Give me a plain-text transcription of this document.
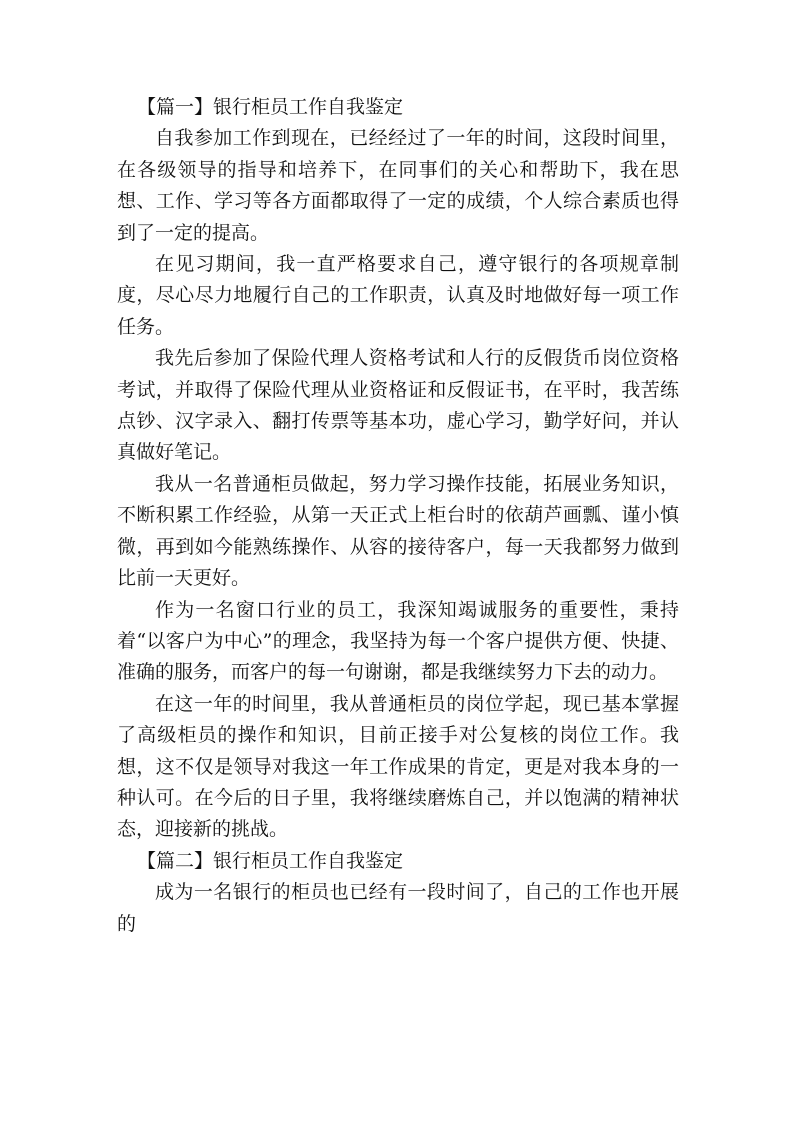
【篇一】银行柜员工作自我鉴定

自我参加工作到现在，已经经过了一年的时间，这段时间里，在各级领导的指导和培养下，在同事们的关心和帮助下，我在思想、工作、学习等各方面都取得了一定的成绩，个人综合素质也得到了一定的提高。

在见习期间，我一直严格要求自己，遵守银行的各项规章制度，尽心尽力地履行自己的工作职责，认真及时地做好每一项工作任务。

我先后参加了保险代理人资格考试和人行的反假货币岗位资格考试，并取得了保险代理从业资格证和反假证书，在平时，我苦练点钞、汉字录入、翻打传票等基本功，虚心学习，勤学好问，并认真做好笔记。

我从一名普通柜员做起，努力学习操作技能，拓展业务知识，不断积累工作经验，从第一天正式上柜台时的依葫芦画瓢、谨小慎微，再到如今能熟练操作、从容的接待客户，每一天我都努力做到比前一天更好。

作为一名窗口行业的员工，我深知竭诚服务的重要性，秉持着“以客户为中心”的理念，我坚持为每一个客户提供方便、快捷、准确的服务，而客户的每一句谢谢，都是我继续努力下去的动力。

在这一年的时间里，我从普通柜员的岗位学起，现已基本掌握了高级柜员的操作和知识，目前正接手对公复核的岗位工作。我想，这不仅是领导对我这一年工作成果的肯定，更是对我本身的一种认可。在今后的日子里，我将继续磨炼自己，并以饱满的精神状态，迎接新的挑战。

【篇二】银行柜员工作自我鉴定

成为一名银行的柜员也已经有一段时间了，自己的工作也开展的
